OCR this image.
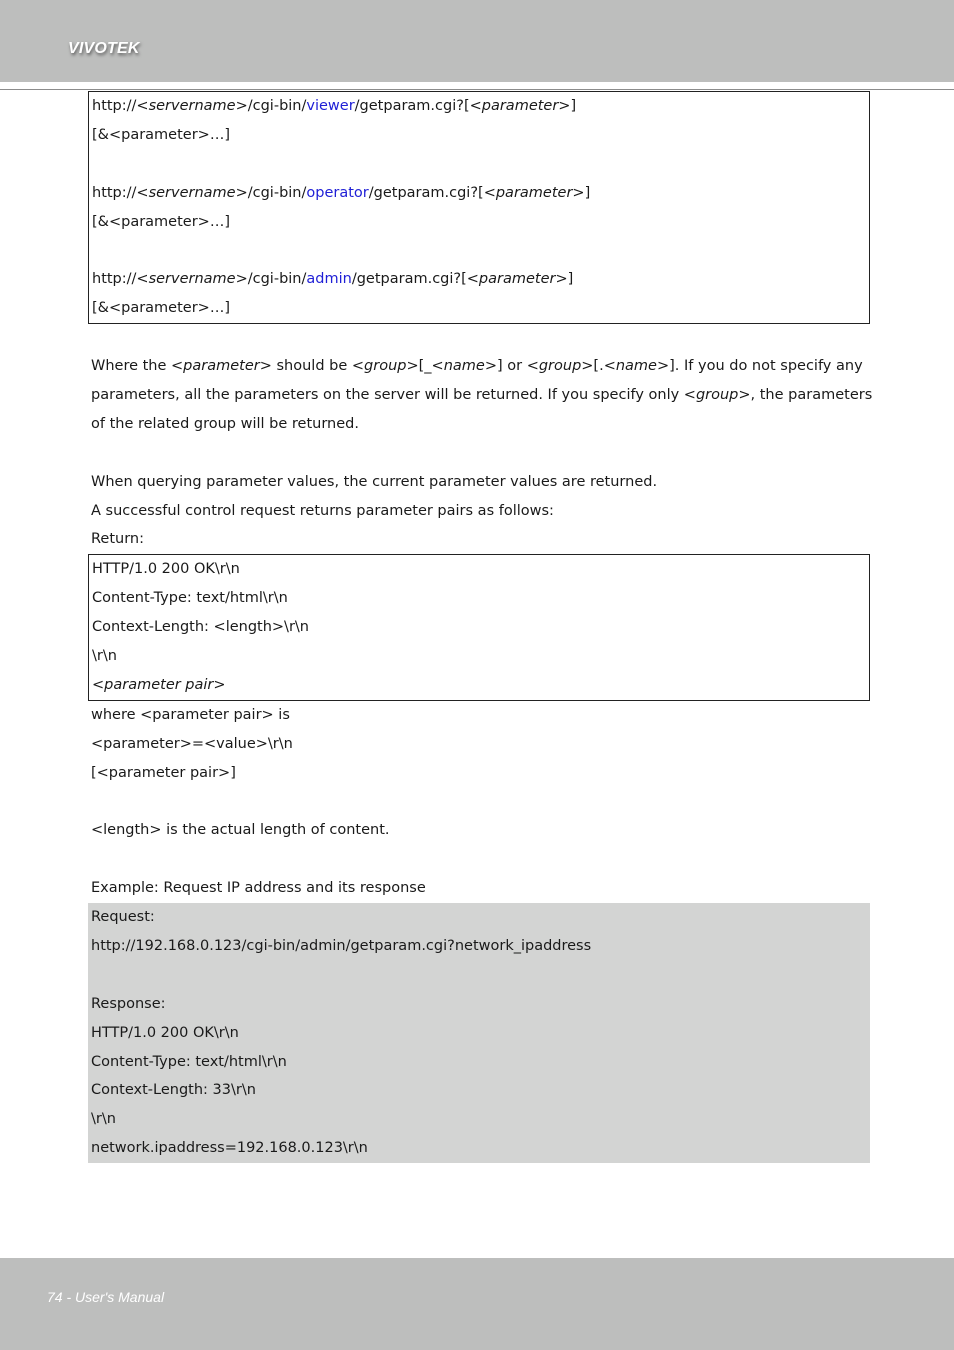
VIVOTEK
http://<servername>/cgi-bin/viewer/getparam.cgi?[<parameter>]
[&<parameter>…]
http://<servername>/cgi-bin/operator/getparam.cgi?[<parameter>]
[&<parameter>…]
http://<servername>/cgi-bin/admin/getparam.cgi?[<parameter>]
[&<parameter>…]
Where the <parameter> should be <group>[_<name>] or <group>[.<name>]. If you do not specify any
parameters, all the parameters on the server will be returned. If you specify only <group>, the parameters
of the related group will be returned.
When querying parameter values, the current parameter values are returned.
A successful control request returns parameter pairs as follows:
Return:
HTTP/1.0 200 OK\r\n
Content-Type: text/html\r\n
Context-Length: <length>\r\n
\r\n
<parameter pair>
where <parameter pair> is
<parameter>=<value>\r\n
[<parameter pair>]
<length> is the actual length of content.
Example: Request IP address and its response
Request:
http://192.168.0.123/cgi-bin/admin/getparam.cgi?network_ipaddress
Response:
HTTP/1.0 200 OK\r\n
Content-Type: text/html\r\n
Context-Length: 33\r\n
\r\n
network.ipaddress=192.168.0.123\r\n
74 - User's Manual
